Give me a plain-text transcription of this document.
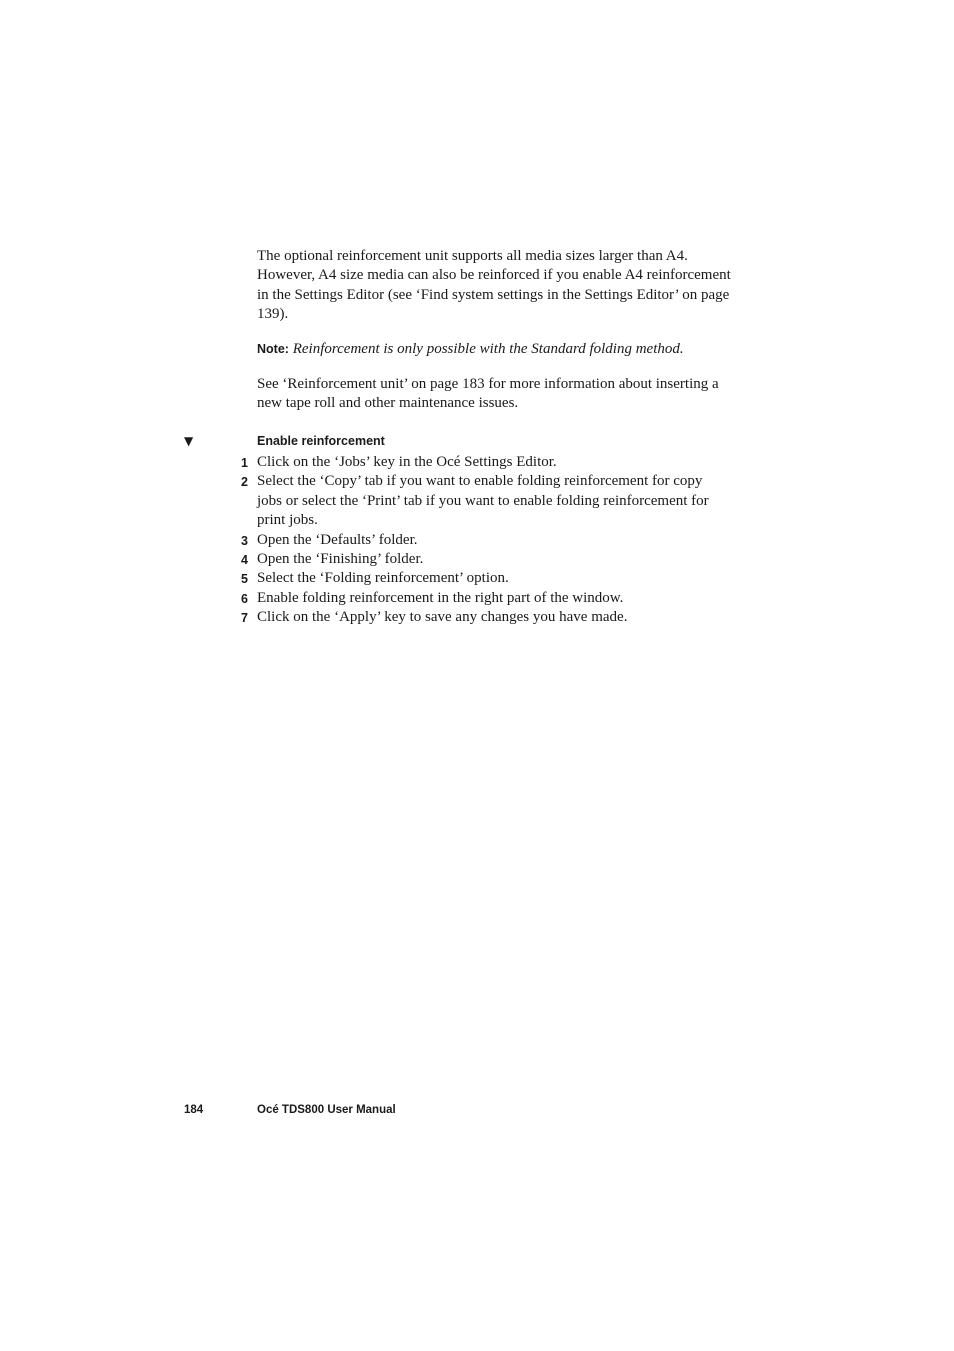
The optional reinforcement unit supports all media sizes larger than A4. However, A4 size media can also be reinforced if you enable A4 reinforcement in the Settings Editor (see ‘Find system settings in the Settings Editor’ on page 139).

Note: Reinforcement is only possible with the Standard folding method.

See ‘Reinforcement unit’ on page 183 for more information about inserting a new tape roll and other maintenance issues.

▼	Enable reinforcement
1 Click on the ‘Jobs’ key in the Océ Settings Editor.
2 Select the ‘Copy’ tab if you want to enable folding reinforcement for copy jobs or select the ‘Print’ tab if you want to enable folding reinforcement for print jobs.
3 Open the ‘Defaults’ folder.
4 Open the ‘Finishing’ folder.
5 Select the ‘Folding reinforcement’ option.
6 Enable folding reinforcement in the right part of the window.
7 Click on the ‘Apply’ key to save any changes you have made.
184	Océ TDS800 User Manual
